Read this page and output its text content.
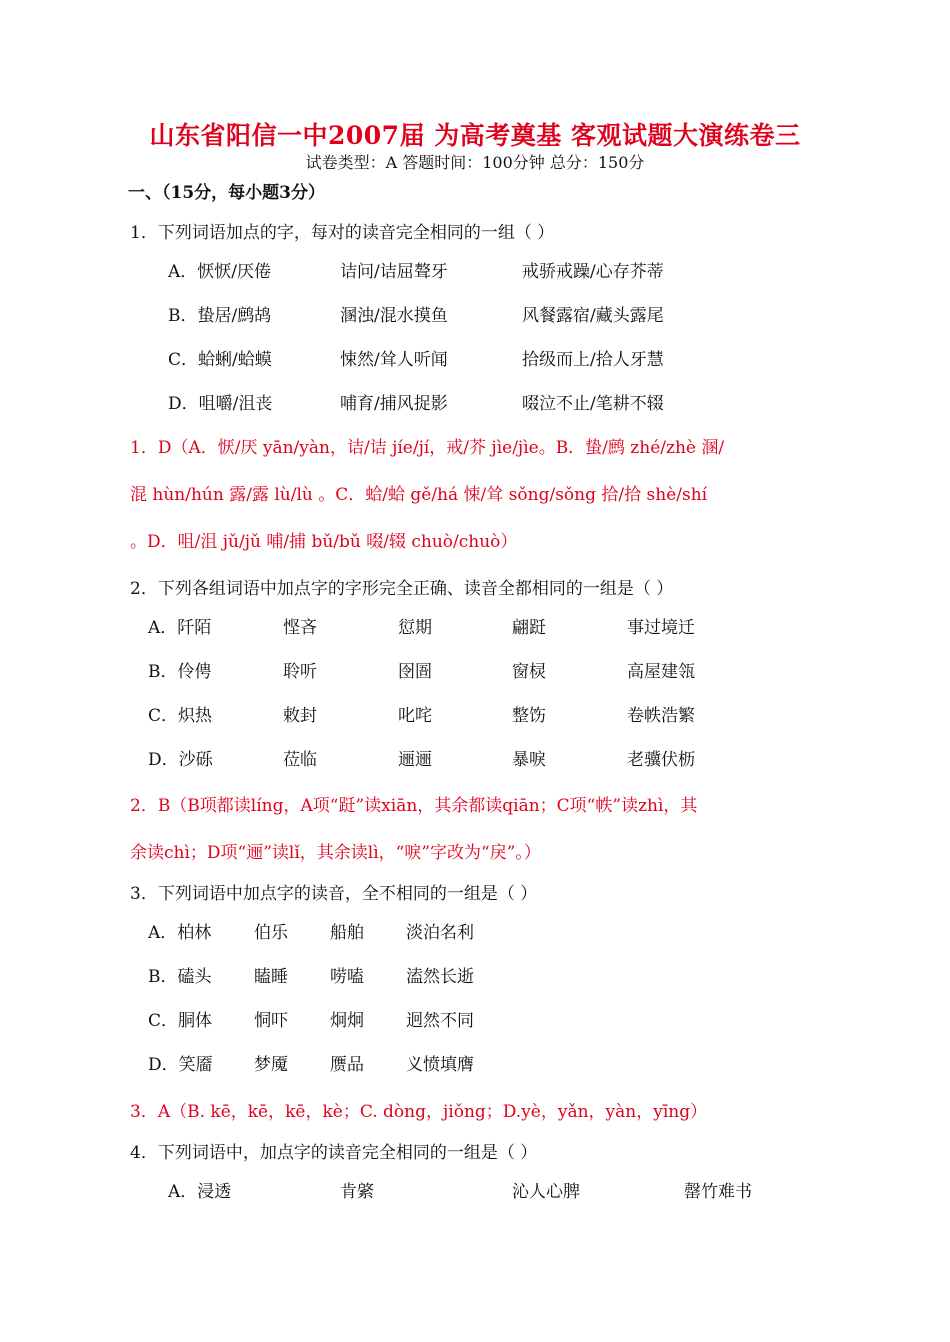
山东省阳信一中2007届 为高考奠基 客观试题大演练卷三
试卷类型：A 答题时间：100分钟 总分：150分
一、（15分，每小题3分）
1．下列词语加点的字，每对的读音完全相同的一组（ ）
A．恹恹/厌倦	诘问/诘屈聱牙	戒骄戒躁/心存芥蒂
B．蛰居/鹧鸪	溷浊/混水摸鱼	风餐露宿/藏头露尾
C．蛤蜊/蛤蟆	悚然/耸人听闻	拾级而上/拾人牙慧
D．咀嚼/沮丧	哺育/捕风捉影	啜泣不止/笔耕不辍
1．D（A．恹/厌 yān/yàn，诘/诘 jíe/jí，戒/芥 jìe/jìe。B．蛰/鹧 zhé/zhè 溷/
混 hùn/hún 露/露 lù/lù 。C．蛤/蛤 gě/há 悚/耸 sǒng/sǒng 拾/拾 shè/shí
。D．咀/沮 jǔ/jǔ 哺/捕 bǔ/bǔ 啜/辍 chuò/chuò）
2．下列各组词语中加点字的字形完全正确、读音全都相同的一组是（ ）
A．阡陌	悭吝	愆期	翩跹	事过境迁
B．伶俜	聆听	囹圄	窗棂	高屋建瓴
C．炽热	敕封	叱咤	整饬	卷帙浩繁
D．沙砾	莅临	逦逦	暴唳	老骥伏枥
2．B（B项都读líng，A项“跹”读xiān，其余都读qiān；C项“帙”读zhì，其
余读chì；D项“逦”读lǐ，其余读lì，“唳”字改为“戾”。）
3．下列词语中加点字的读音，全不相同的一组是（ ）
A．柏林	伯乐 船舶 淡泊名利
B．磕头	瞌睡 唠嗑 溘然长逝
C．胴体 恫吓 炯炯 迥然不同
D．笑靥 梦魇 赝品 义愤填膺
3．A（B. kē，kē，kē，kè；C. dòng，jiǒng；D.yè，yǎn，yàn，yīng）
4．下列词语中，加点字的读音完全相同的一组是（ ）
A．浸透	肯綮	沁人心脾	罄竹难书
